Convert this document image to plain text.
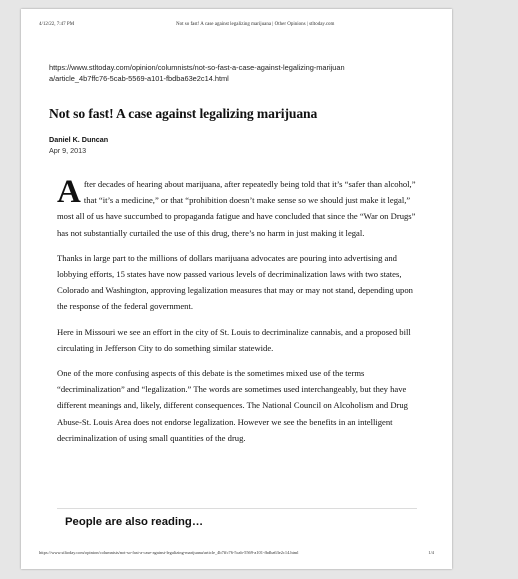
4/12/22, 7:47 PM	Not so fast! A case against legalizing marijuana | Other Opinions | stltoday.com
https://www.stltoday.com/opinion/columnists/not-so-fast-a-case-against-legalizing-marijuana/article_4b7ffc76-5cab-5569-a101-fbdba63e2c14.html
Not so fast! A case against legalizing marijuana
Daniel K. Duncan
Apr 9, 2013

After decades of hearing about marijuana, after repeatedly being told that it’s “safer than alcohol,” that “it’s a medicine,” or that “prohibition doesn’t make sense so we should just make it legal,” most all of us have succumbed to propaganda fatigue and have concluded that since the “War on Drugs” has not substantially curtailed the use of this drug, there’s no harm in just making it legal.

Thanks in large part to the millions of dollars marijuana advocates are pouring into advertising and lobbying efforts, 15 states have now passed various levels of decriminalization laws with two states, Colorado and Washington, approving legalization measures that may or may not stand, depending upon the response of the federal government.

Here in Missouri we see an effort in the city of St. Louis to decriminalize cannabis, and a proposed bill circulating in Jefferson City to do something similar statewide.

One of the more confusing aspects of this debate is the sometimes mixed use of the terms “decriminalization” and “legalization.” The words are sometimes used interchangeably, but they have different meanings and, likely, different consequences. The National Council on Alcoholism and Drug Abuse-St. Louis Area does not endorse legalization. However we see the benefits in an intelligent decriminalization of using small quantities of the drug.

People are also reading…
https://www.stltoday.com/opinion/columnists/not-so-fast-a-case-against-legalizing-marijuana/article_4b7ffc76-5cab-5569-a101-fbdba63e2c14.html	1/4
